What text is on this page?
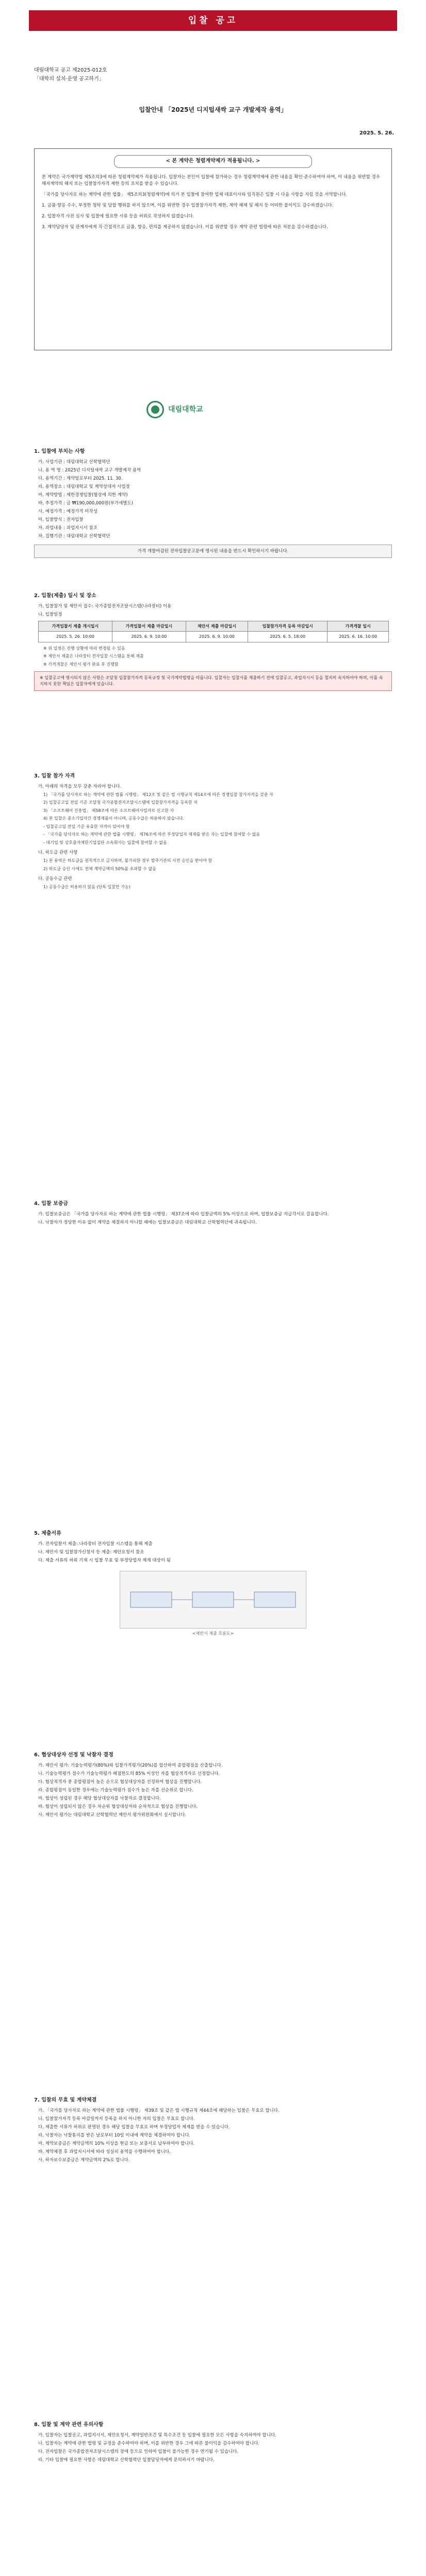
입찰 공고
대림대학교 공고 제2025-012호
「대학의 설치·운영 공고하기」
입찰안내 「2025년 디지털새싹 교구 개발제작 용역」
2025. 5. 26.
< 본 계약은 청렴계약제가 적용됩니다. >

본 계약은 국가계약법 제5조의3에 따른 청렴계약제가 적용됩니다. 입찰자는 본인이 입찰에 참가하는 경우 청렴계약제에 관한 내용을 확인·준수하여야 하며, 이 내용을 위반할 경우 해지계약의 해지 또는 입찰참가자격 제한 등의 조치를 받을 수 있습니다.

「국가를 당사자로 하는 계약에 관한 법률」 제5조의3(청렴계약)에 의거 본 입찰에 참여한 업체 대표이사와 임직원은 입찰 시 다음 사항을 지킬 것을 서약합니다.

1. 금품·향응 수수, 부정한 청탁 및 담합 행위를 하지 않으며, 이를 위반한 경우 입찰참가자격 제한, 계약 해제 및 해지 등 어떠한 불이익도 감수하겠습니다.

2. 입찰자격 사전 심사 및 입찰에 필요한 서류 등을 허위로 작성하지 않겠습니다.

3. 계약담당자 및 관계자에게 직·간접적으로 금품, 향응, 편의를 제공하지 않겠습니다. 이를 위반할 경우 계약 관련 법령에 따른 처분을 감수하겠습니다.

대림대학교
1. 입찰에 부치는 사항
가. 사업기관 : 대림대학교 산학협력단
나. 용 역 명 : 2025년 디지털새싹 교구 개발제작 용역
다. 용역기간 : 계약일로부터 2025. 11. 30.
라. 용역장소 : 대림대학교 및 계약상대자 사업장
마. 계약방법 : 제한경쟁입찰(협상에 의한 계약)
바. 추정가격 : 금 ₩190,000,000원(부가세별도)
사. 예정가격 : 예정가격 미작성
아. 입찰방식 : 전자입찰
자. 과업내용 : 과업지시서 참조
차. 집행기관 : 대림대학교 산학협력단
가격 개찰마감된 전자입찰공고문에 명시된 내용을 반드시 확인하시기 바랍니다.
2. 입찰(제출) 일시 및 장소
가. 입찰참가 및 제안서 접수: 국가종합전자조달시스템(나라장터) 이용
나. 입찰일정
가격입찰서 제출 개시일시	가격입찰서 제출 마감일시	제안서 제출 마감일시	입찰참가자격 등록 마감일시	가격개찰 일시
2025. 5. 26. 10:00	2025. 6. 9. 10:00	2025. 6. 9. 10:00	2025. 6. 5. 18:00	2025. 6. 16. 10:00
※ 위 일정은 진행 상황에 따라 변경될 수 있음
※ 제안서 제출은 나라장터 전자입찰 시스템을 통해 제출
※ 가격개찰은 제안서 평가 완료 후 진행함
※ 입찰공고에 명시되지 않은 사항은 조달청 입찰참가자격 등록규정 및 국가계약법령을 따릅니다. 입찰자는 입찰서를 제출하기 전에 입찰공고, 과업지시서 등을 철저히 숙지하여야 하며, 이를 숙지하지 못한 책임은 입찰자에게 있습니다.
3. 입찰 참가 자격
가. 아래의 자격을 모두 갖춘 자라야 합니다.
1) 「국가를 당사자로 하는 계약에 관한 법률 시행령」 제12조 및 같은 법 시행규칙 제14조에 따른 경쟁입찰 참가자격을 갖춘 자
2) 입찰공고일 전일 기준 조달청 국가종합전자조달시스템에 입찰참가자격을 등록한 자
3) 「소프트웨어 진흥법」 제58조에 따른 소프트웨어사업자로 신고한 자
4) 본 입찰은 중소기업자간 경쟁제품이 아니며, 공동수급은 허용하지 않습니다.
- 입찰공고일 전일 기준 유효한 자격이 있어야 함
- 「국가를 당사자로 하는 계약에 관한 법률 시행령」 제76조에 따른 부정당업자 제재를 받은 자는 입찰에 참여할 수 없음
- 대기업 및 상호출자제한기업집단 소속회사는 입찰에 참여할 수 없음
나. 하도급 관련 사항
1) 본 용역은 하도급을 원칙적으로 금지하며, 불가피한 경우 발주기관의 사전 승인을 받아야 함
2) 하도급 승인 시에도 전체 계약금액의 50%를 초과할 수 없음
다. 공동수급 관련
1) 공동수급은 허용하지 않음 (단독 입찰만 가능)
4. 입찰 보증금
가. 입찰보증금은 「국가를 당사자로 하는 계약에 관한 법률 시행령」 제37조에 따라 입찰금액의 5% 이상으로 하며, 입찰보증금 지급각서로 갈음합니다.
나. 낙찰자가 정당한 이유 없이 계약을 체결하지 아니할 때에는 입찰보증금은 대림대학교 산학협력단에 귀속됩니다.
5. 제출서류
가. 전자입찰서 제출: 나라장터 전자입찰 시스템을 통해 제출
나. 제안서 및 입찰참가신청서 등 제출: 제안요청서 참조
다. 제출 서류의 허위 기재 시 입찰 무효 및 부정당업자 제재 대상이 됨
<제안서 제출 흐름도>
6. 협상대상자 선정 및 낙찰자 결정
가. 제안서 평가: 기술능력평가(80%)와 입찰가격평가(20%)를 합산하여 종합평점을 산출합니다.
나. 기술능력평가 점수가 기술능력평가 배점한도의 85% 이상인 자를 협상적격자로 선정합니다.
다. 협상적격자 중 종합평점이 높은 순으로 협상대상자를 선정하여 협상을 진행합니다.
라. 종합평점이 동일한 경우에는 기술능력평가 점수가 높은 자를 선순위로 합니다.
마. 협상이 성립된 경우 해당 협상대상자를 낙찰자로 결정합니다.
바. 협상이 성립되지 않은 경우 차순위 협상대상자와 순차적으로 협상을 진행합니다.
사. 제안서 평가는 대림대학교 산학협력단 제안서 평가위원회에서 실시합니다.
7. 입찰의 무효 및 계약체결
가. 「국가를 당사자로 하는 계약에 관한 법률 시행령」 제39조 및 같은 법 시행규칙 제44조에 해당하는 입찰은 무효로 합니다.
나. 입찰참가자격 등록 마감일까지 등록을 하지 아니한 자의 입찰은 무효로 합니다.
다. 제출한 서류가 허위로 판명된 경우 해당 입찰을 무효로 하며 부정당업자 제재를 받을 수 있습니다.
라. 낙찰자는 낙찰통지를 받은 날로부터 10일 이내에 계약을 체결하여야 합니다.
마. 계약보증금은 계약금액의 10% 이상을 현금 또는 보증서로 납부하여야 합니다.
바. 계약체결 후 과업지시서에 따라 성실히 용역을 수행하여야 합니다.
사. 하자보수보증금은 계약금액의 2%로 합니다.
8. 입찰 및 계약 관련 유의사항
가. 입찰자는 입찰공고, 과업지시서, 제안요청서, 계약일반조건 및 특수조건 등 입찰에 필요한 모든 사항을 숙지하여야 합니다.
나. 입찰자는 계약에 관한 법령 및 규정을 준수하여야 하며, 이를 위반한 경우 그에 따른 불이익을 감수하여야 합니다.
다. 전자입찰은 국가종합전자조달시스템의 장애 등으로 인하여 입찰이 불가능한 경우 연기될 수 있습니다.
라. 기타 입찰에 필요한 사항은 대림대학교 산학협력단 입찰담당자에게 문의하시기 바랍니다.
